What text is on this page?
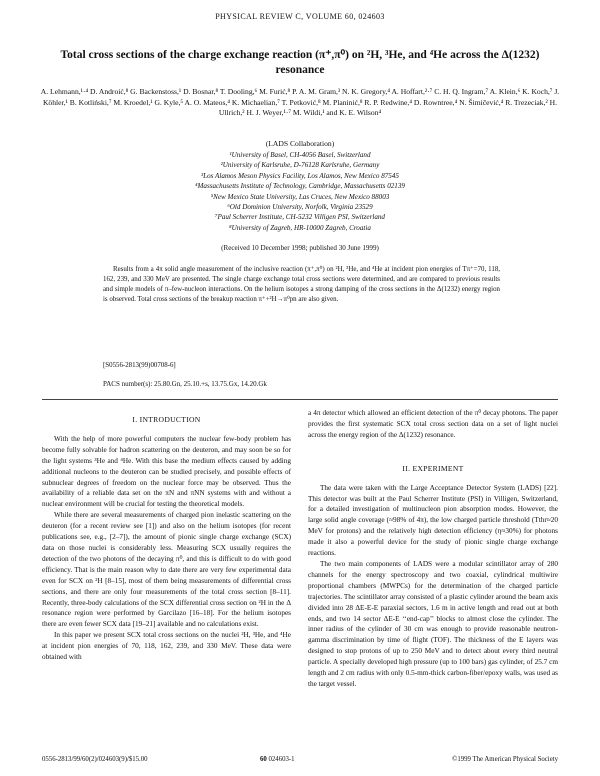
PHYSICAL REVIEW C, VOLUME 60, 024603
Total cross sections of the charge exchange reaction (π⁺,π⁰) on ²H, ³He, and ⁴He across the Δ(1232) resonance
A. Lehmann,¹·⁴ D. Androić,⁸ G. Backenstoss,¹ D. Bosnar,⁸ T. Dooling,⁶ M. Furić,⁸ P. A. M. Gram,³ N. K. Gregory,⁴ A. Hoffart,²·⁷ C. H. Q. Ingram,⁷ A. Klein,⁶ K. Koch,⁷ J. Köhler,¹ B. Kotliński,⁷ M. Kroedel,¹ G. Kyle,⁵ A. O. Mateos,⁴ K. Michaelian,⁷ T. Petković,⁸ M. Planinić,⁸ R. P. Redwine,⁴ D. Rowntree,⁴ N. Šimičević,⁴ R. Trezeciak,² H. Ullrich,² H. J. Weyer,¹·⁷ M. Wildi,¹ and K. E. Wilson⁴
(LADS Collaboration)
¹University of Basel, CH-4056 Basel, Switzerland
²University of Karlsruhe, D-76128 Karlsruhe, Germany
³Los Alamos Meson Physics Facility, Los Alamos, New Mexico 87545
⁴Massachusetts Institute of Technology, Cambridge, Massachusetts 02139
⁵New Mexico State University, Las Cruces, New Mexico 88003
⁶Old Dominion University, Norfolk, Virginia 23529
⁷Paul Scherrer Institute, CH-5232 Villigen PSI, Switzerland
⁸University of Zagreb, HR-10000 Zagreb, Croatia
(Received 10 December 1998; published 30 June 1999)
Results from a 4π solid angle measurement of the inclusive reaction (π⁺,π⁰) on ²H, ³He, and ⁴He at incident pion energies of Tπ⁺=70, 118, 162, 239, and 330 MeV are presented. The single charge exchange total cross sections were determined, and are compared to previous results and simple models of π–few-nucleon interactions. On the helium isotopes a strong damping of the cross sections in the Δ(1232) energy region is observed. Total cross sections of the breakup reaction π⁺+²H→π⁰pn are also given.
[S0556-2813(99)00708-6]
PACS number(s): 25.80.Gn, 25.10.+s, 13.75.Gx, 14.20.Gk
I. INTRODUCTION

With the help of more powerful computers the nuclear few-body problem has become fully solvable for hadron scattering on the deuteron, and may soon be so for the light systems ³He and ⁴He. With this base the medium effects caused by adding additional nucleons to the deuteron can be studied precisely, and possible effects of subnuclear degrees of freedom on the nuclear force may be observed. Thus the availability of a reliable data set on the πN and πNN systems with and without a nuclear environment will be crucial for testing the theoretical models.

While there are several measurements of charged pion inelastic scattering on the deuteron (for a recent review see [1]) and also on the helium isotopes (for recent publications see, e.g., [2–7]), the amount of pionic single charge exchange (SCX) data on those nuclei is considerably less. Measuring SCX usually requires the detection of the two photons of the decaying π⁰, and this is difficult to do with good efficiency. That is the main reason why to date there are very few experimental data even for SCX on ²H [8–15], most of them being measurements of differential cross sections, and there are only four measurements of the total cross section [8–11]. Recently, three-body calculations of the SCX differential cross section on ²H in the Δ resonance region were performed by Garcilazo [16–18]. For the helium isotopes there are even fewer SCX data [19–21] available and no calculations exist.

In this paper we present SCX total cross sections on the nuclei ²H, ³He, and ⁴He at incident pion energies of 70, 118, 162, 239, and 330 MeV. These data were obtained with

a 4π detector which allowed an efficient detection of the π⁰ decay photons. The paper provides the first systematic SCX total cross section data on a set of light nuclei across the energy region of the Δ(1232) resonance.
II. EXPERIMENT

The data were taken with the Large Acceptance Detector System (LADS) [22]. This detector was built at the Paul Scherrer Institute (PSI) in Villigen, Switzerland, for a detailed investigation of multinucleon pion absorption modes. However, the large solid angle coverage (≈98% of 4π), the low charged particle threshold (Tthr≈20 MeV for protons) and the relatively high detection efficiency (η≈30%) for photons made it also a powerful device for the study of pionic single charge exchange reactions.

The two main components of LADS were a modular scintillator array of 280 channels for the energy spectroscopy and two coaxial, cylindrical multiwire proportional chambers (MWPCs) for the determination of the charged particle trajectories. The scintillator array consisted of a plastic cylinder around the beam axis divided into 28 ΔE-E-E paraxial sectors, 1.6 m in active length and read out at both ends, and two 14 sector ΔE-E ‘‘end-cap’’ blocks to almost close the cylinder. The inner radius of the cylinder of 30 cm was enough to provide reasonable neutron-gamma discrimination by time of flight (TOF). The thickness of the E layers was designed to stop protons of up to 250 MeV and to detect about every third neutral particle. A specially developed high pressure (up to 100 bars) gas cylinder, of 25.7 cm length and 2 cm radius with only 0.5-mm-thick carbon-fiber/epoxy walls, was used as the target vessel.

0556-2813/99/60(2)/024603(9)/$15.00	60 024603-1	©1999 The American Physical Society
